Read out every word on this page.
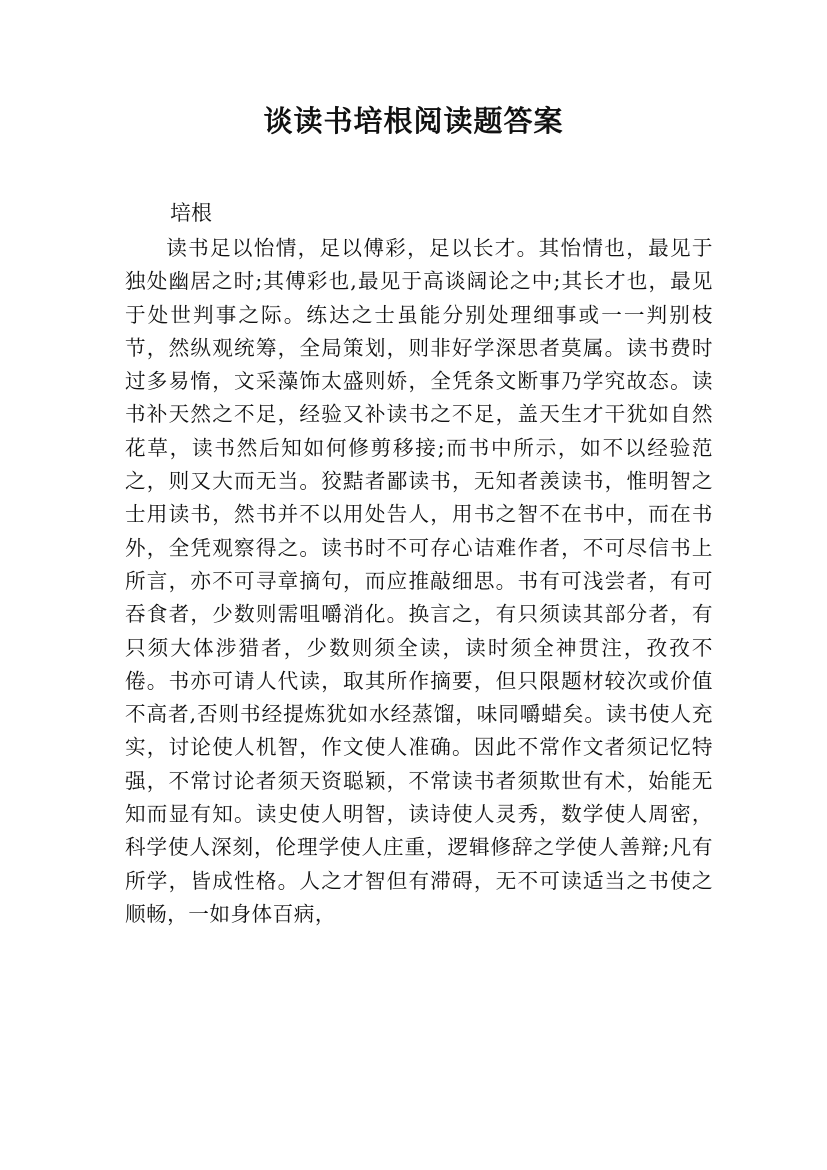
谈读书培根阅读题答案

培根

读书足以怡情，足以傅彩，足以长才。其怡情也，最见于独处幽居之时;其傅彩也,最见于高谈阔论之中;其长才也，最见于处世判事之际。练达之士虽能分别处理细事或一一判别枝节，然纵观统筹，全局策划，则非好学深思者莫属。读书费时过多易惰，文采藻饰太盛则娇，全凭条文断事乃学究故态。读书补天然之不足，经验又补读书之不足，盖天生才干犹如自然花草，读书然后知如何修剪移接;而书中所示，如不以经验范之，则又大而无当。狡黠者鄙读书，无知者羡读书，惟明智之士用读书，然书并不以用处告人，用书之智不在书中，而在书外，全凭观察得之。读书时不可存心诘难作者，不可尽信书上所言，亦不可寻章摘句，而应推敲细思。书有可浅尝者，有可吞食者，少数则需咀嚼消化。换言之，有只须读其部分者，有只须大体涉猎者，少数则须全读，读时须全神贯注，孜孜不倦。书亦可请人代读，取其所作摘要，但只限题材较次或价值不高者,否则书经提炼犹如水经蒸馏，味同嚼蜡矣。读书使人充实，讨论使人机智，作文使人准确。因此不常作文者须记忆特强，不常讨论者须天资聪颖，不常读书者须欺世有术，始能无知而显有知。读史使人明智，读诗使人灵秀，数学使人周密，科学使人深刻，伦理学使人庄重，逻辑修辞之学使人善辩;凡有所学，皆成性格。人之才智但有滞碍，无不可读适当之书使之顺畅，一如身体百病，
